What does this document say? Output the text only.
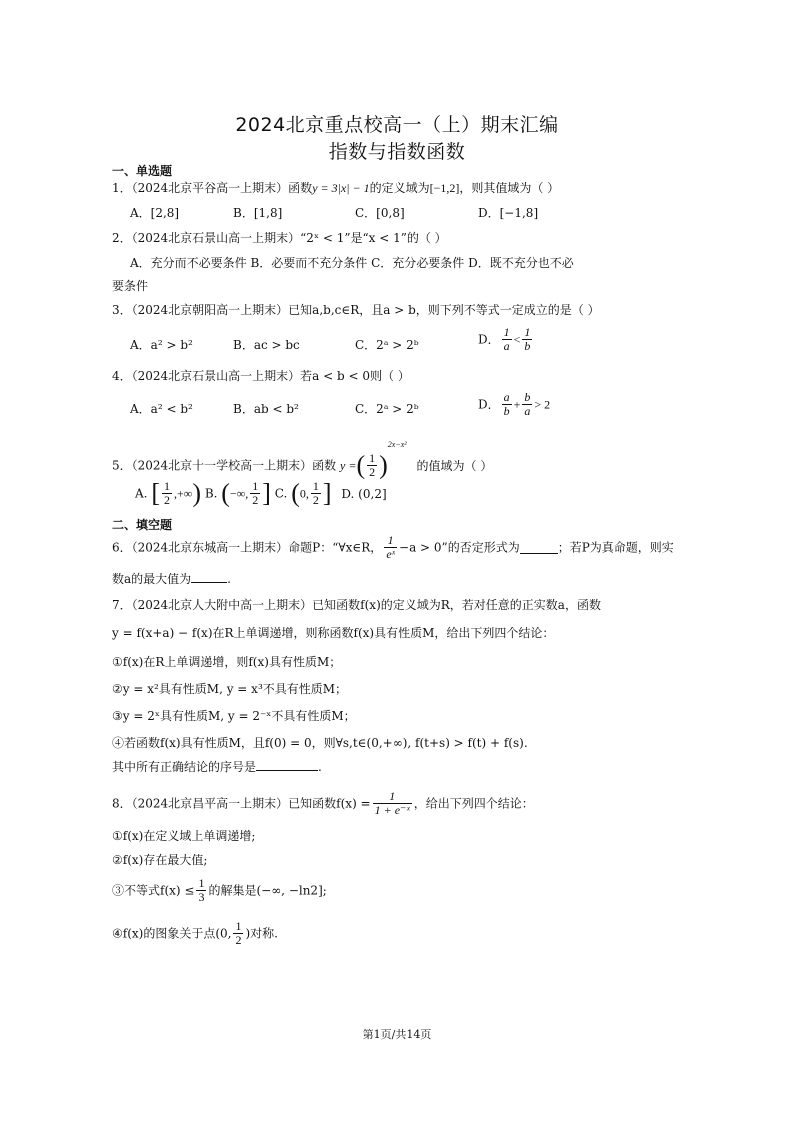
2024北京重点校高一（上）期末汇编
指数与指数函数
一、单选题
1．（2024北京平谷高一上期末）函数y = 3|x| − 1的定义域为[−1,2]，则其值域为（ ）
A．[2,8]	B．[1,8]	C．[0,8]	D．[−1,8]
2．（2024北京石景山高一上期末）“2ˣ < 1”是“x < 1”的（ ）
A．充分而不必要条件 B．必要而不充分条件 C．充分必要条件 D．既不充分也不必
要条件
3．（2024北京朝阳高一上期末）已知a,b,c∈R，且a > b，则下列不等式一定成立的是（ ）
A．a² > b²	B．ac > bc	C．2ᵃ > 2ᵇ	D． $\frac{1}{a} < \frac{1}{b}$
4．（2024北京石景山高一上期末）若a < b < 0则（ ）
A．a² < b²	B．ab < b²	C．2ᵃ > 2ᵇ	D． $\frac{a}{b} + \frac{b}{a} > 2$
5．（2024北京十一学校高一上期末）函数 y =( $\frac{1}{2} )^{2x-x^2}$ 的值域为（ ）
A. [ $\frac{1}{2}$ ,+∞) B. (−∞, $\frac{1}{2}$ ] C. (0, $\frac{1}{2}$ ] D. (0,2]
二、填空题
6．（2024北京东城高一上期末）命题P：“∀x∈R， $\frac{1}{\text{eˣ}} -a > 0$”的否定形式为	；若P为真命题，则实
数a的最大值为	.
7．（2024北京人大附中高一上期末）已知函数f(x)的定义域为R，若对任意的正实数a，函数
y = f(x+a) − f(x)在R上单调递增，则称函数f(x)具有性质M，给出下列四个结论：
①f(x)在R上单调递增，则f(x)具有性质M；
②y = x²具有性质M, y = x³不具有性质M；
③y = 2ˣ具有性质M, y = 2⁻ˣ不具有性质M；
④若函数f(x)具有性质M，且f(0) = 0，则∀s,t∈(0,+∞), f(t+s) > f(t) + f(s).
其中所有正确结论的序号是	.
8．（2024北京昌平高一上期末）已知函数$f(x) = \frac{1}{\text{1 + e⁻ˣ}}$ ，给出下列四个结论：
①f(x)在定义域上单调递增;
②f(x)存在最大值;
③不等式$f(x) \le \frac{1}{3}$ 的解集是(−∞, −ln2];
④f(x)的图象关于点(0, $\frac{1}{2}$ )对称.
第1页/共14页
